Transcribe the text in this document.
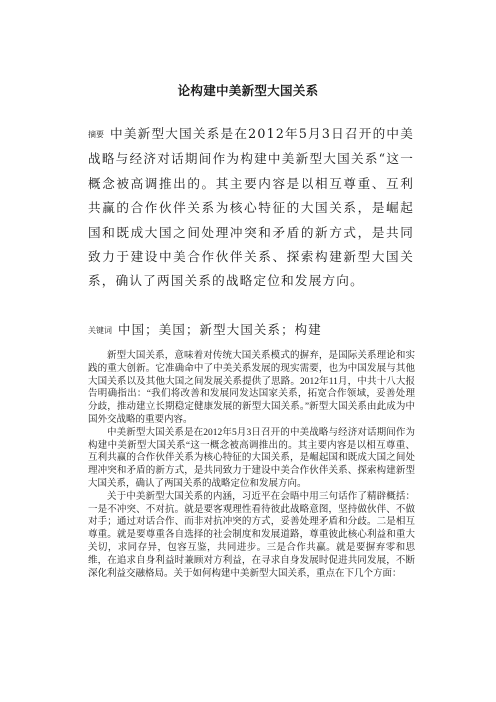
论构建中美新型大国关系

摘要 中美新型大国关系是在2012年5月3日召开的中美战略与经济对话期间作为构建中美新型大国关系“这一概念被高调推出的。其主要内容是以相互尊重、互利共赢的合作伙伴关系为核心特征的大国关系，是崛起国和既成大国之间处理冲突和矛盾的新方式，是共同致力于建设中美合作伙伴关系、探索构建新型大国关系，确认了两国关系的战略定位和发展方向。

关键词 中国；美国；新型大国关系；构建

新型大国关系，意味着对传统大国关系模式的摒弃，是国际关系理论和实践的重大创新。它准确命中了中美关系发展的现实需要，也为中国发展与其他大国关系以及其他大国之间发展关系提供了思路。2012年11月，中共十八大报告明确指出：“我们将改善和发展同发达国家关系，拓宽合作领域，妥善处理分歧，推动建立长期稳定健康发展的新型大国关系。”新型大国关系由此成为中国外交战略的重要内容。

中美新型大国关系是在2012年5月3日召开的中美战略与经济对话期间作为构建中美新型大国关系“这一概念被高调推出的。其主要内容是以相互尊重、互利共赢的合作伙伴关系为核心特征的大国关系，是崛起国和既成大国之间处理冲突和矛盾的新方式，是共同致力于建设中美合作伙伴关系、探索构建新型大国关系，确认了两国关系的战略定位和发展方向。

关于中美新型大国关系的内涵，习近平在会晤中用三句话作了精辟概括：一是不冲突、不对抗。就是要客观理性看待彼此战略意图，坚持做伙伴、不做对手；通过对话合作、而非对抗冲突的方式，妥善处理矛盾和分歧。二是相互尊重。就是要尊重各自选择的社会制度和发展道路，尊重彼此核心利益和重大关切，求同存异，包容互鉴，共同进步。三是合作共赢。就是要摒弃零和思维，在追求自身利益时兼顾对方利益，在寻求自身发展时促进共同发展，不断深化利益交融格局。关于如何构建中美新型大国关系，重点在下几个方面：
